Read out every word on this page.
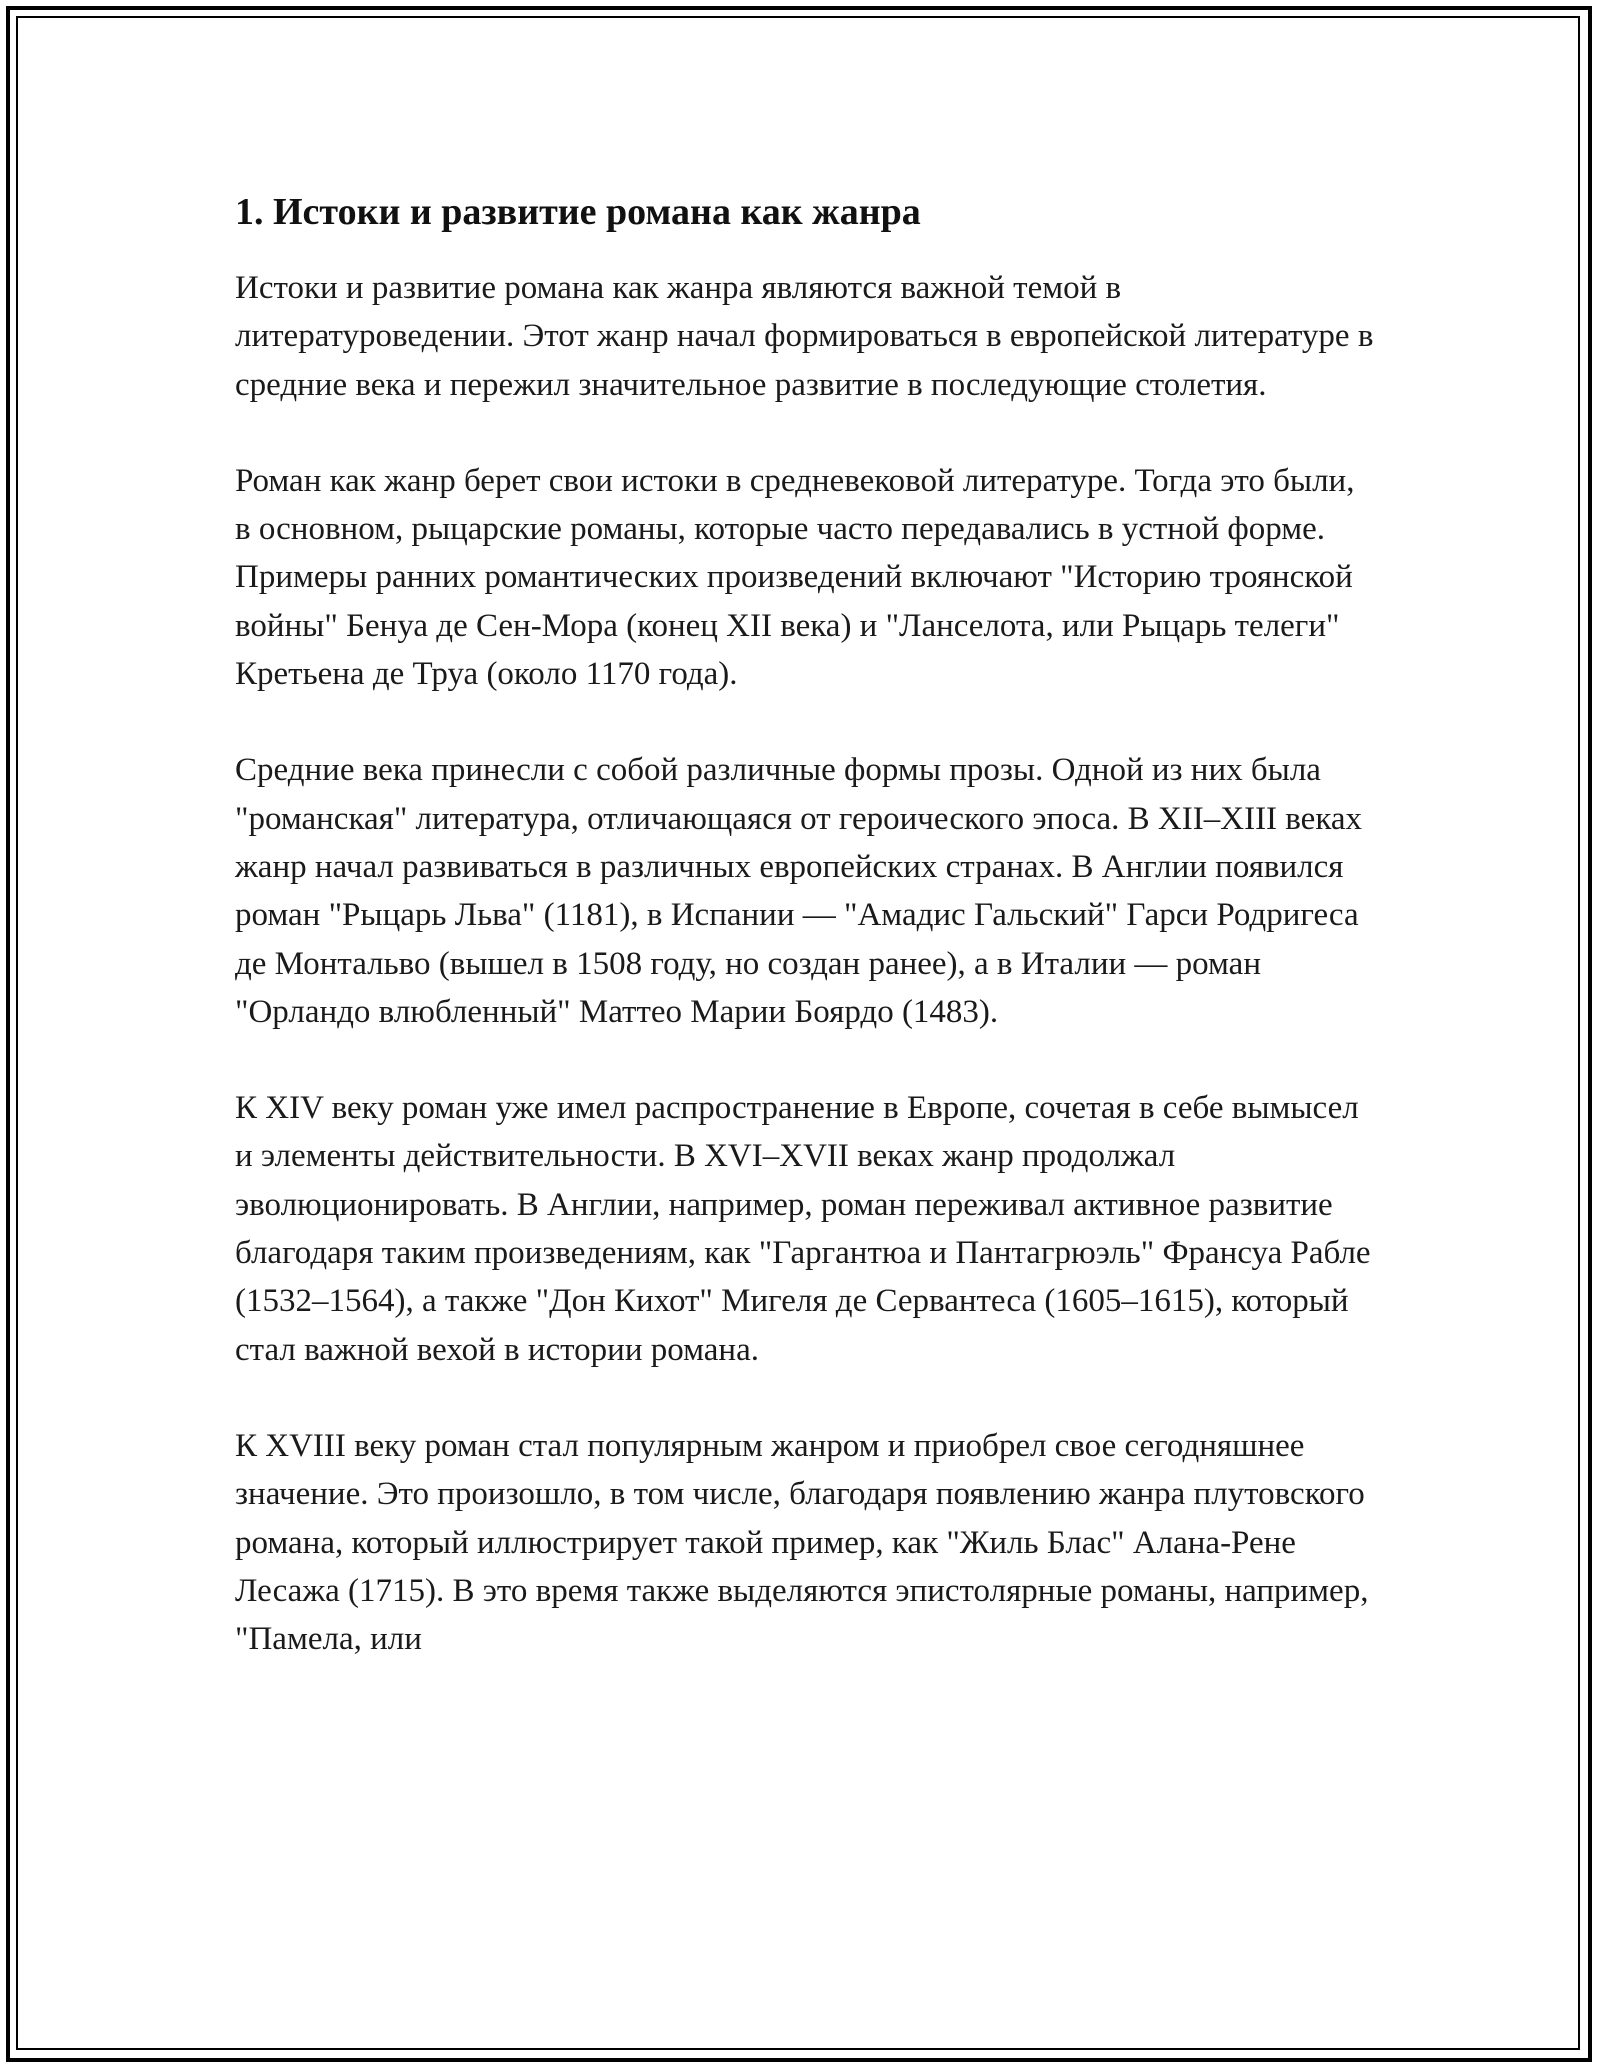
1. Истоки и развитие романа как жанра

Истоки и развитие романа как жанра являются важной темой в литературоведении. Этот жанр начал формироваться в европейской литературе в средние века и пережил значительное развитие в последующие столетия.

Роман как жанр берет свои истоки в средневековой литературе. Тогда это были, в основном, рыцарские романы, которые часто передавались в устной форме. Примеры ранних романтических произведений включают "Историю троянской войны" Бенуа де Сен-Мора (конец XII века) и "Ланселота, или Рыцарь телеги" Кретьена де Труа (около 1170 года).

Средние века принесли с собой различные формы прозы. Одной из них была "романская" литература, отличающаяся от героического эпоса. В XII–XIII веках жанр начал развиваться в различных европейских странах. В Англии появился роман "Рыцарь Льва" (1181), в Испании — "Амадис Гальский" Гарси Родригеса де Монтальво (вышел в 1508 году, но создан ранее), а в Италии — роман "Орландо влюбленный" Маттео Марии Боярдо (1483).

К XIV веку роман уже имел распространение в Европе, сочетая в себе вымысел и элементы действительности. В XVI–XVII веках жанр продолжал эволюционировать. В Англии, например, роман переживал активное развитие благодаря таким произведениям, как "Гаргантюа и Пантагрюэль" Франсуа Рабле (1532–1564), а также "Дон Кихот" Мигеля де Сервантеса (1605–1615), который стал важной вехой в истории романа.

К XVIII веку роман стал популярным жанром и приобрел свое сегодняшнее значение. Это произошло, в том числе, благодаря появлению жанра плутовского романа, который иллюстрирует такой пример, как "Жиль Блас" Алана-Рене Лесажа (1715). В это время также выделяются эпистолярные романы, например, "Памела, или
